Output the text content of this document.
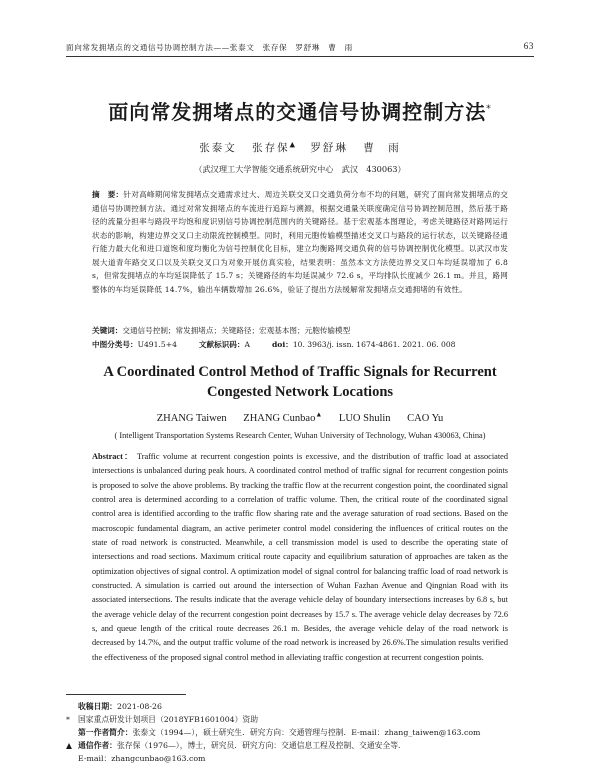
面向常发拥堵点的交通信号协调控制方法——张泰文　张存保　罗舒琳　曹　雨	63
面向常发拥堵点的交通信号协调控制方法*
张泰文 张存保▲ 罗舒琳 曹　雨
（武汉理工大学智能交通系统研究中心　武汉　430063）
摘　要：针对高峰期间常发拥堵点交通需求过大、周边关联交叉口交通负荷分布不均的问题，研究了面向常发拥堵点的交通信号协调控制方法。通过对常发拥堵点的车流进行追踪与溯源，根据交通量关联度确定信号协调控制范围，然后基于路径的流量分担率与路段平均饱和度识别信号协调控制范围内的关键路径。基于宏观基本图理论，考虑关键路径对路网运行状态的影响，构建边界交叉口主动限流控制模型。同时，利用元胞传输模型描述交叉口与路段的运行状态，以关键路径通行能力最大化和进口道饱和度均衡化为信号控制优化目标，建立均衡路网交通负荷的信号协调控制优化模型。以武汉市发展大道青年路交叉口以及关联交叉口为对象开展仿真实验，结果表明：虽然本文方法使边界交叉口车均延误增加了 6.8 s，但常发拥堵点的车均延误降低了 15.7 s；关键路径的车均延误减少 72.6 s，平均排队长度减少 26.1 m。并且，路网整体的车均延误降低 14.7%，输出车辆数增加 26.6%，验证了提出方法缓解常发拥堵点交通拥堵的有效性。
关键词：交通信号控制；常发拥堵点；关键路径；宏观基本图；元胞传输模型
中图分类号：U491.5+4	文献标识码：A	doi：10. 3963/j. issn. 1674-4861. 2021. 06. 008
A Coordinated Control Method of Traffic Signals for Recurrent Congested Network Locations
ZHANG Taiwen ZHANG Cunbao▲ LUO Shulin CAO Yu
( Intelligent Transportation Systems Research Center, Wuhan University of Technology, Wuhan 430063, China)
Abstract： Traffic volume at recurrent congestion points is excessive, and the distribution of traffic load at associated intersections is unbalanced during peak hours. A coordinated control method of traffic signal for recurrent congestion points is proposed to solve the above problems. By tracking the traffic flow at the recurrent congestion point, the coordinated signal control area is determined according to a correlation of traffic volume. Then, the critical route of the coordinated signal control area is identified according to the traffic flow sharing rate and the average saturation of road sections. Based on the macroscopic fundamental diagram, an active perimeter control model considering the influences of critical routes on the state of road network is constructed. Meanwhile, a cell transmission model is used to describe the operating state of intersections and road sections. Maximum critical route capacity and equilibrium saturation of approaches are taken as the optimization objectives of signal control. A optimization model of signal control for balancing traffic load of road network is constructed. A simulation is carried out around the intersection of Wuhan Fazhan Avenue and Qingnian Road with its associated intersections. The results indicate that the average vehicle delay of boundary intersections increases by 6.8 s, but the average vehicle delay of the recurrent congestion point decreases by 15.7 s. The average vehicle delay decreases by 72.6 s, and queue length of the critical route decreases 26.1 m. Besides, the average vehicle delay of the road network is decreased by 14.7%, and the output traffic volume of the road network is increased by 26.6%.The simulation results verified the effectiveness of the proposed signal control method in alleviating traffic congestion at recurrent congestion points.
收稿日期：2021-08-26
* 国家重点研发计划项目（2018YFB1601004）资助
第一作者简介：张泰文（1994—），硕士研究生．研究方向：交通管理与控制．E-mail：zhang_taiwen@163.com
▲ 通信作者：张存保（1976—），博士，研究员．研究方向：交通信息工程及控制、交通安全等．
E-mail：zhangcunbao@163.com
